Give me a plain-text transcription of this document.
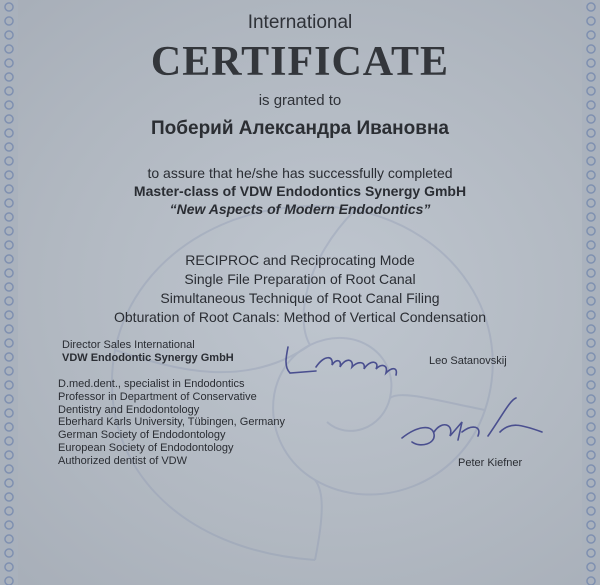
International
CERTIFICATE
is granted to
Поберий Александра Ивановна
to assure that he/she has successfully completed
Master-class of VDW Endodontics Synergy GmbH
“New Aspects of Modern Endodontics”
RECIPROC and Reciprocating Mode
Single File Preparation of Root Canal
Simultaneous Technique of Root Canal Filing
Obturation of Root Canals: Method of Vertical Condensation
Director Sales International
VDW Endodontic Synergy GmbH	Leo Satanovskij
D.med.dent., specialist in Endodontics
Professor in Department of Conservative
Dentistry and Endodontology
Eberhard Karls University, Tübingen, Germany
German Society of Endodontology
European Society of Endodontology
Authorized dentist of VDW	Peter Kiefner
